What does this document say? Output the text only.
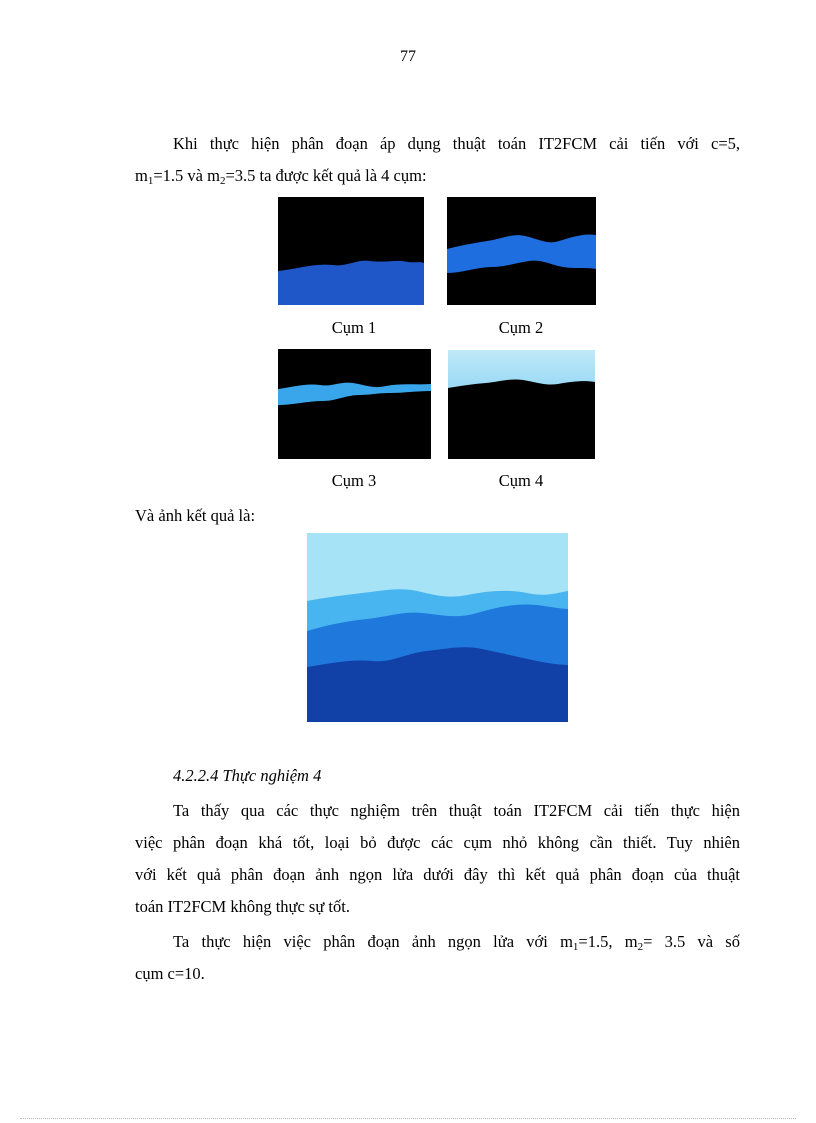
77
Khi thực hiện phân đoạn áp dụng thuật toán IT2FCM cải tiến với c=5,
$m_1=1.5$ và $m_2=3.5$ ta được kết quả là 4 cụm:
Cụm 1	Cụm 2
Cụm 3	Cụm 4
Và ảnh kết quả là:
4.2.2.4 Thực nghiệm 4
Ta thấy qua các thực nghiệm trên thuật toán IT2FCM cải tiến thực hiện
việc phân đoạn khá tốt, loại bỏ được các cụm nhỏ không cần thiết. Tuy nhiên
với kết quả phân đoạn ảnh ngọn lửa dưới đây thì kết quả phân đoạn của thuật
toán IT2FCM không thực sự tốt.
Ta thực hiện việc phân đoạn ảnh ngọn lửa với $m_1=1.5$, $m_2= 3.5$ và số
cụm c=10.
